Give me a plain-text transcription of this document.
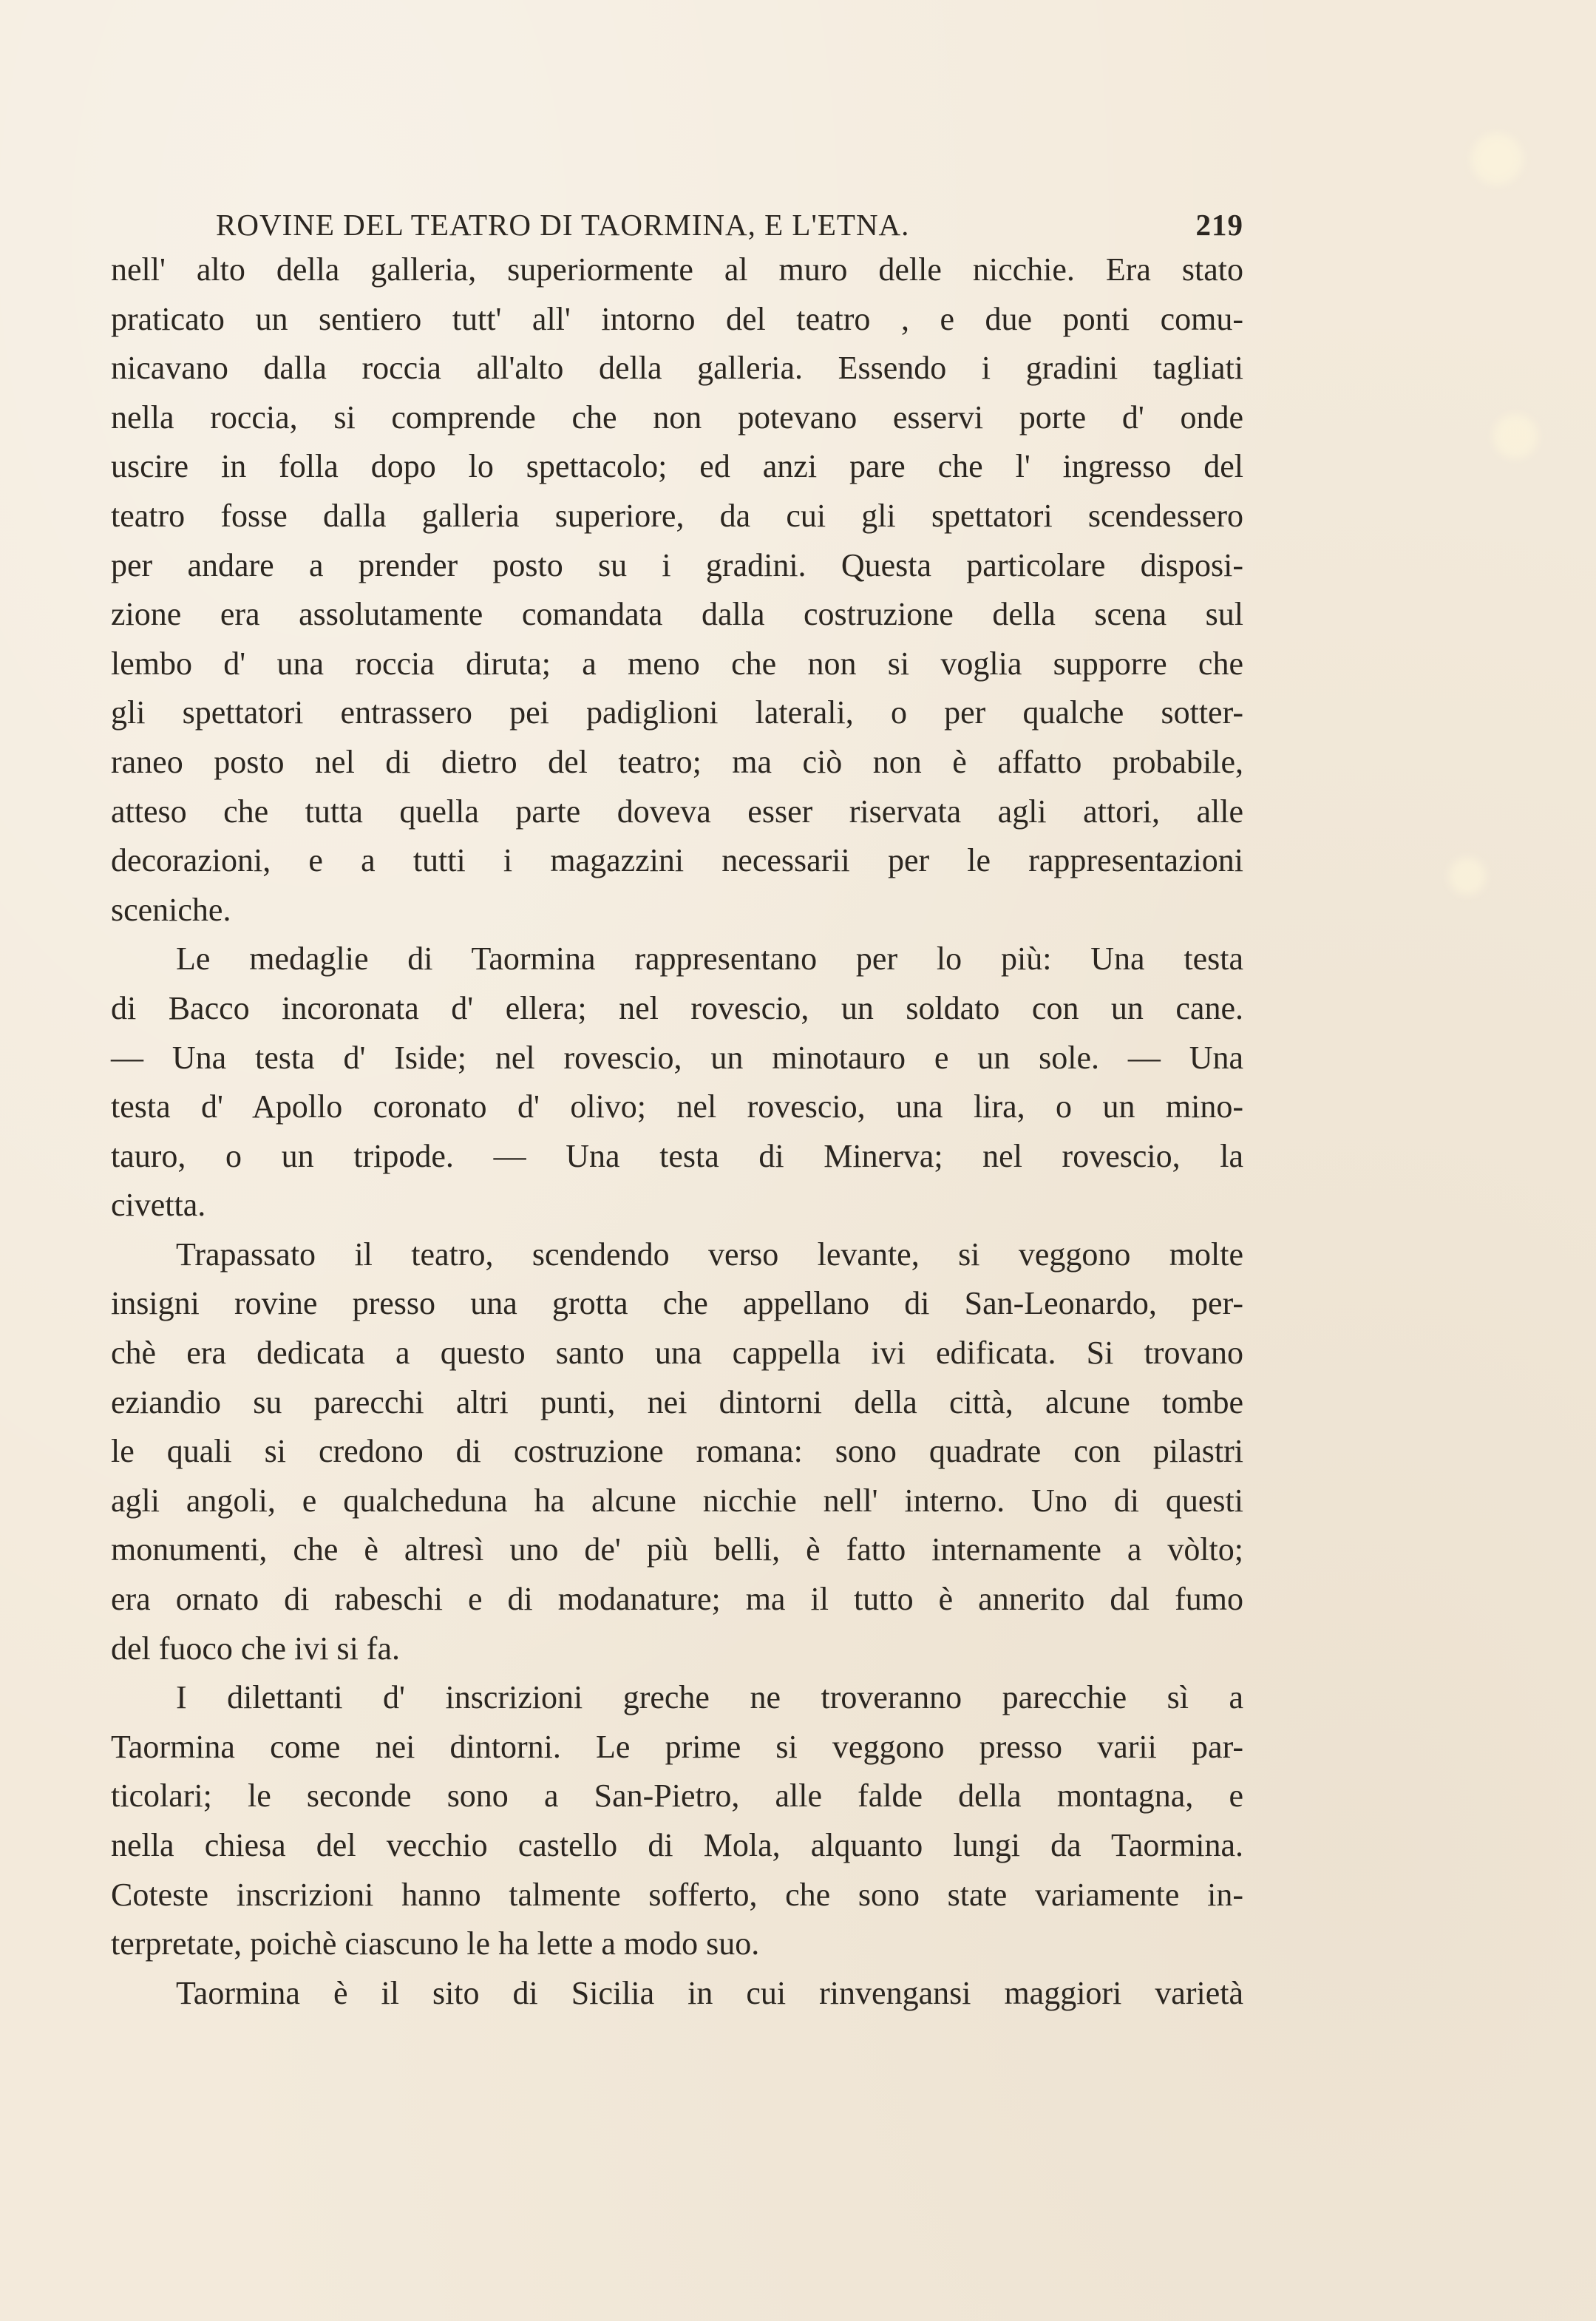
ROVINE DEL TEATRO DI TAORMINA, E L'ETNA.	219
nell' alto della galleria, superiormente al muro delle nicchie. Era stato
praticato un sentiero tutt' all' intorno del teatro , e due ponti comu-
nicavano dalla roccia all'alto della galleria. Essendo i gradini tagliati
nella roccia, si comprende che non potevano esservi porte d' onde
uscire in folla dopo lo spettacolo; ed anzi pare che l' ingresso del
teatro fosse dalla galleria superiore, da cui gli spettatori scendessero
per andare a prender posto su i gradini. Questa particolare disposi-
zione era assolutamente comandata dalla costruzione della scena sul
lembo d' una roccia diruta; a meno che non si voglia supporre che
gli spettatori entrassero pei padiglioni laterali, o per qualche sotter-
raneo posto nel di dietro del teatro; ma ciò non è affatto probabile,
atteso che tutta quella parte doveva esser riservata agli attori, alle
decorazioni, e a tutti i magazzini necessarii per le rappresentazioni
sceniche.
Le medaglie di Taormina rappresentano per lo più: Una testa
di Bacco incoronata d' ellera; nel rovescio, un soldato con un cane.
— Una testa d' Iside; nel rovescio, un minotauro e un sole. — Una
testa d' Apollo coronato d' olivo; nel rovescio, una lira, o un mino-
tauro, o un tripode. — Una testa di Minerva; nel rovescio, la
civetta.
Trapassato il teatro, scendendo verso levante, si veggono molte
insigni rovine presso una grotta che appellano di San-Leonardo, per-
chè era dedicata a questo santo una cappella ivi edificata. Si trovano
eziandio su parecchi altri punti, nei dintorni della città, alcune tombe
le quali si credono di costruzione romana: sono quadrate con pilastri
agli angoli, e qualcheduna ha alcune nicchie nell' interno. Uno di questi
monumenti, che è altresì uno de' più belli, è fatto internamente a vòlto;
era ornato di rabeschi e di modanature; ma il tutto è annerito dal fumo
del fuoco che ivi si fa.
I dilettanti d' inscrizioni greche ne troveranno parecchie sì a
Taormina come nei dintorni. Le prime si veggono presso varii par-
ticolari; le seconde sono a San-Pietro, alle falde della montagna, e
nella chiesa del vecchio castello di Mola, alquanto lungi da Taormina.
Coteste inscrizioni hanno talmente sofferto, che sono state variamente in-
terpretate, poichè ciascuno le ha lette a modo suo.
Taormina è il sito di Sicilia in cui rinvengansi maggiori varietà
